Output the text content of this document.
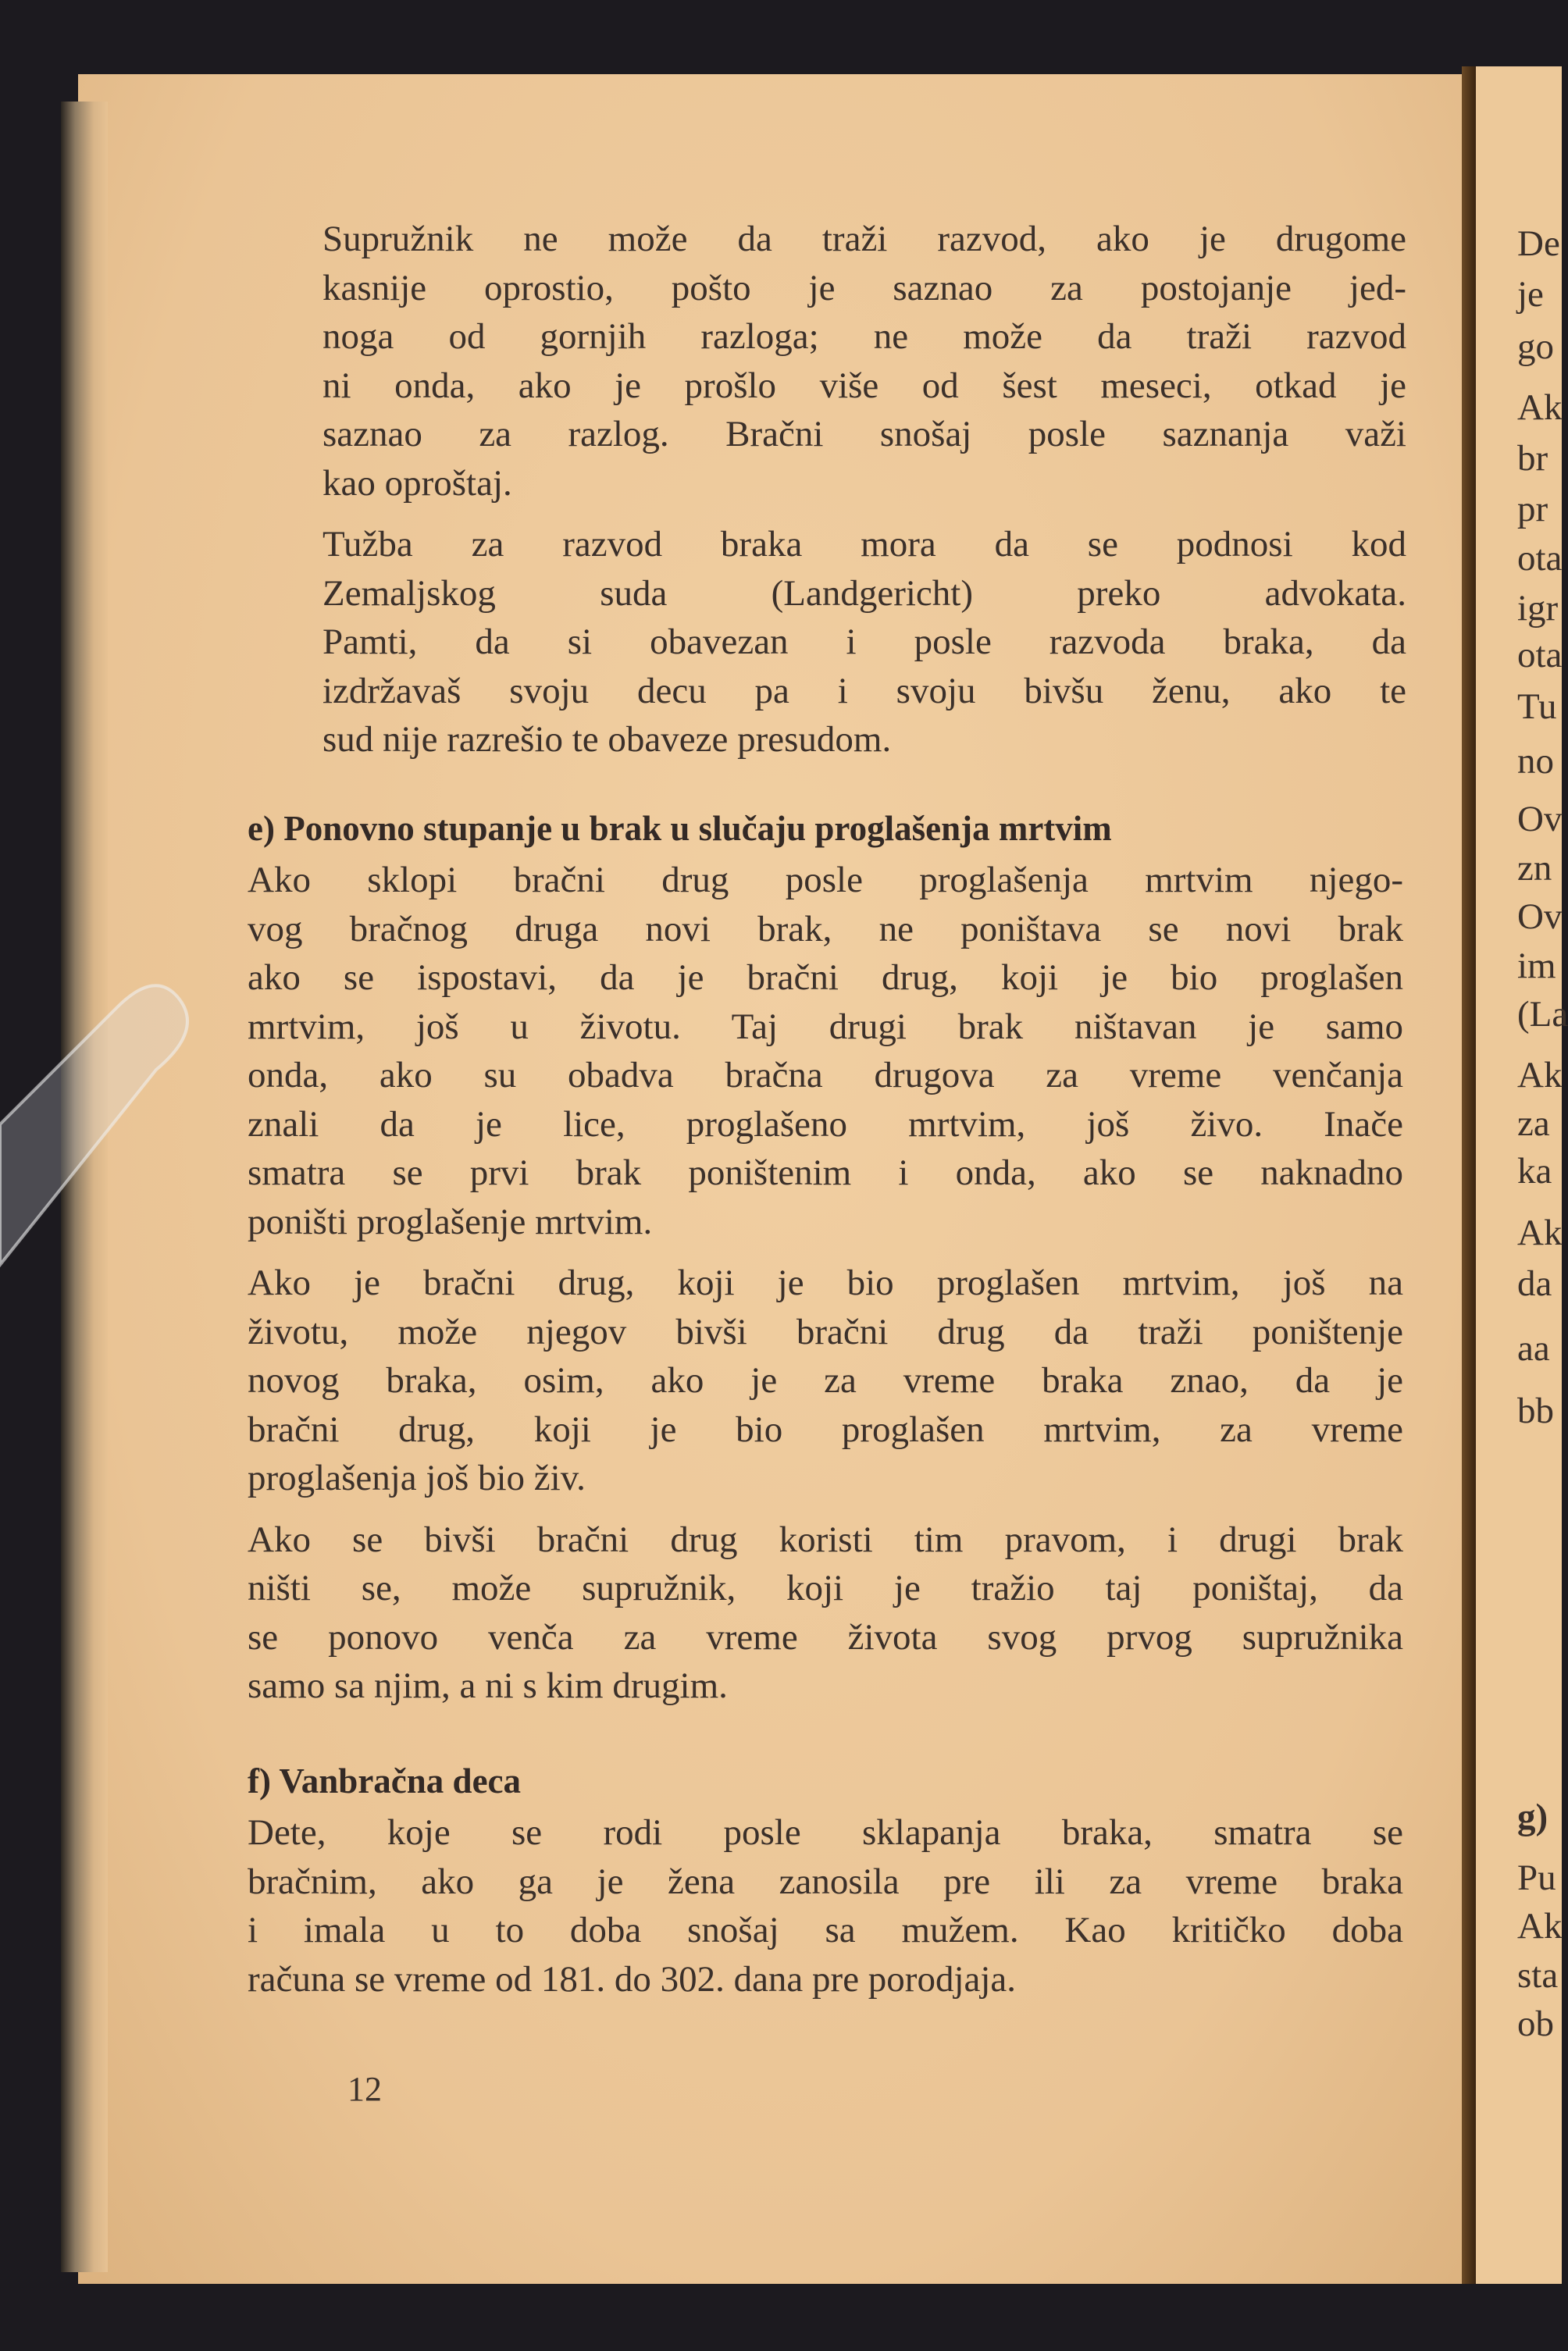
Supružnik ne može da traži razvod, ako je drugome
kasnije oprostio, pošto je saznao za postojanje jed-
noga od gornjih razloga; ne može da traži razvod
ni onda, ako je prošlo više od šest meseci, otkad je
saznao za razlog. Bračni snošaj posle saznanja važi
kao oproštaj.
Tužba za razvod braka mora da se podnosi kod
Zemaljskog suda (Landgericht) preko advokata.
Pamti, da si obavezan i posle razvoda braka, da
izdržavaš svoju decu pa i svoju bivšu ženu, ako te
sud nije razrešio te obaveze presudom.
e) Ponovno stupanje u brak u slučaju proglašenja mrtvim
Ako sklopi bračni drug posle proglašenja mrtvim njego-
vog bračnog druga novi brak, ne poništava se novi brak
ako se ispostavi, da je bračni drug, koji je bio proglašen
mrtvim, još u životu. Taj drugi brak ništavan je samo
onda, ako su obadva bračna drugova za vreme venčanja
znali da je lice, proglašeno mrtvim, još živo. Inače
smatra se prvi brak poništenim i onda, ako se naknadno
poništi proglašenje mrtvim.
Ako je bračni drug, koji je bio proglašen mrtvim, još na
životu, može njegov bivši bračni drug da traži poništenje
novog braka, osim, ako je za vreme braka znao, da je
bračni drug, koji je bio proglašen mrtvim, za vreme
proglašenja još bio živ.
Ako se bivši bračni drug koristi tim pravom, i drugi brak
ništi se, može supružnik, koji je tražio taj poništaj, da
se ponovo venča za vreme života svog prvog supružnika
samo sa njim, a ni s kim drugim.
f) Vanbračna deca
Dete, koje se rodi posle sklapanja braka, smatra se
bračnim, ako ga je žena zanosila pre ili za vreme braka
i imala u to doba snošaj sa mužem. Kao kritičko doba
računa se vreme od 181. do 302. dana pre porodjaja.
12
De
je
go
Ak
br
pr
ota
igr
ota
Tu
no
Ov
zn
Ov
im
(La
Ak
za
ka
Ak
da
aa
bb
g)
Pu
Ak
sta
ob
